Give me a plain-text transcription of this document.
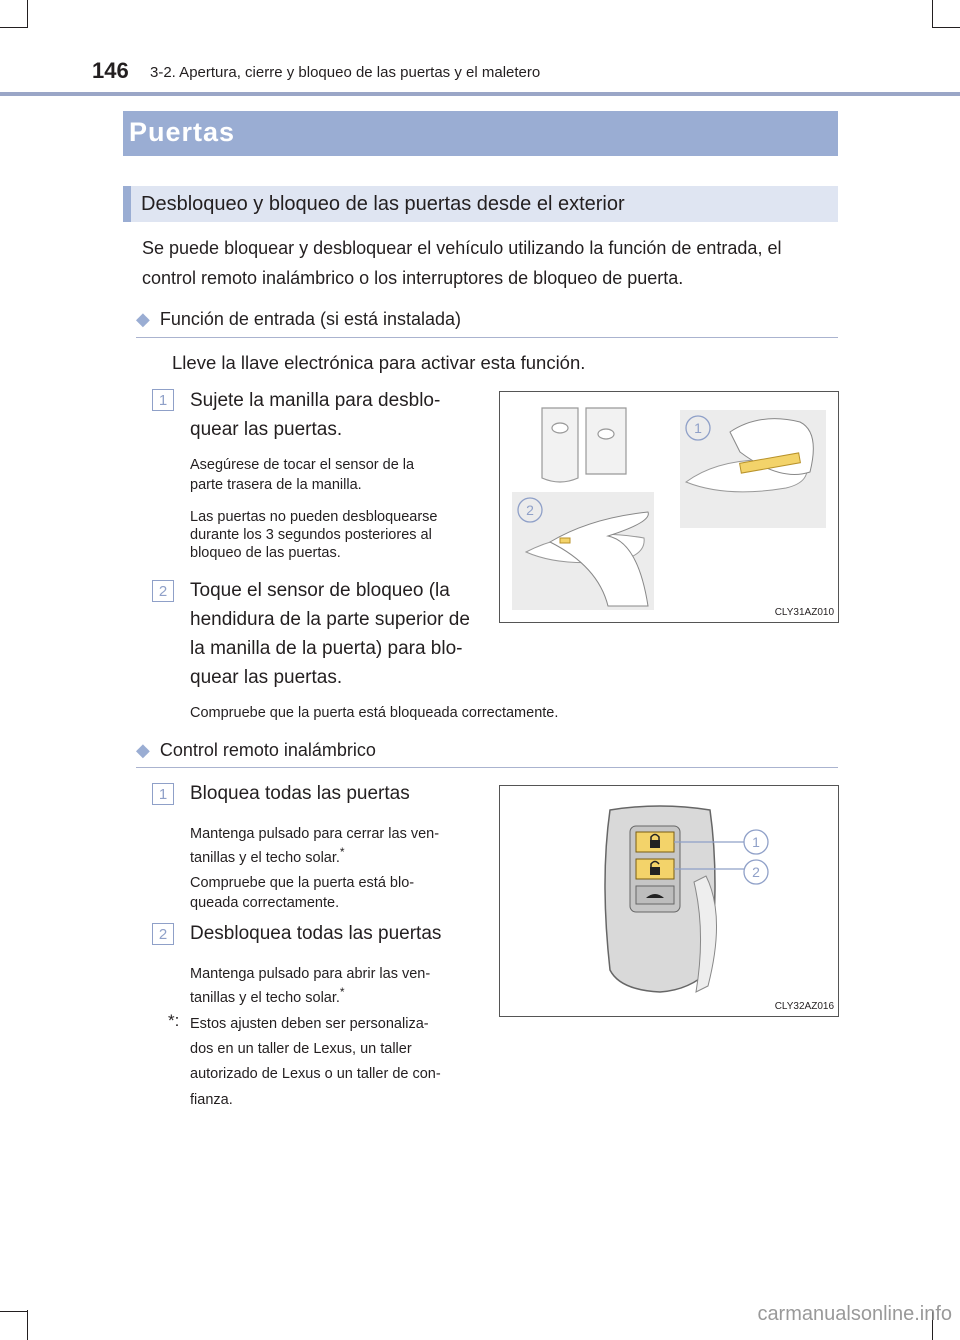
146 3-2. Apertura, cierre y bloqueo de las puertas y el maletero
Puertas
Desbloqueo y bloqueo de las puertas desde el exterior
Se puede bloquear y desbloquear el vehículo utilizando la función de entrada, el
control remoto inalámbrico o los interruptores de bloqueo de puerta.
◆ Función de entrada (si está instalada)
Lleve la llave electrónica para activar esta función.
1	Sujete la manilla para desblo-
quear las puertas.
Asegúrese de tocar el sensor de la
parte trasera de la manilla.
Las puertas no pueden desbloquearse
durante los 3 segundos posteriores al
bloqueo de las puertas.
2	Toque el sensor de bloqueo (la
hendidura de la parte superior de
la manilla de la puerta) para blo-
quear las puertas.
Compruebe que la puerta está bloqueada correctamente.
1
2
CLY31AZ010
◆ Control remoto inalámbrico
1	Bloquea todas las puertas
Mantenga pulsado para cerrar las ven-
tanillas y el techo solar.*
Compruebe que la puerta está blo-
queada correctamente.
2	Desbloquea todas las puertas
Mantenga pulsado para abrir las ven-
tanillas y el techo solar.*
*: Estos ajusten deben ser personaliza-
dos en un taller de Lexus, un taller
autorizado de Lexus o un taller de con-
fianza.
1
2
CLY32AZ016
carmanualsonline.info
